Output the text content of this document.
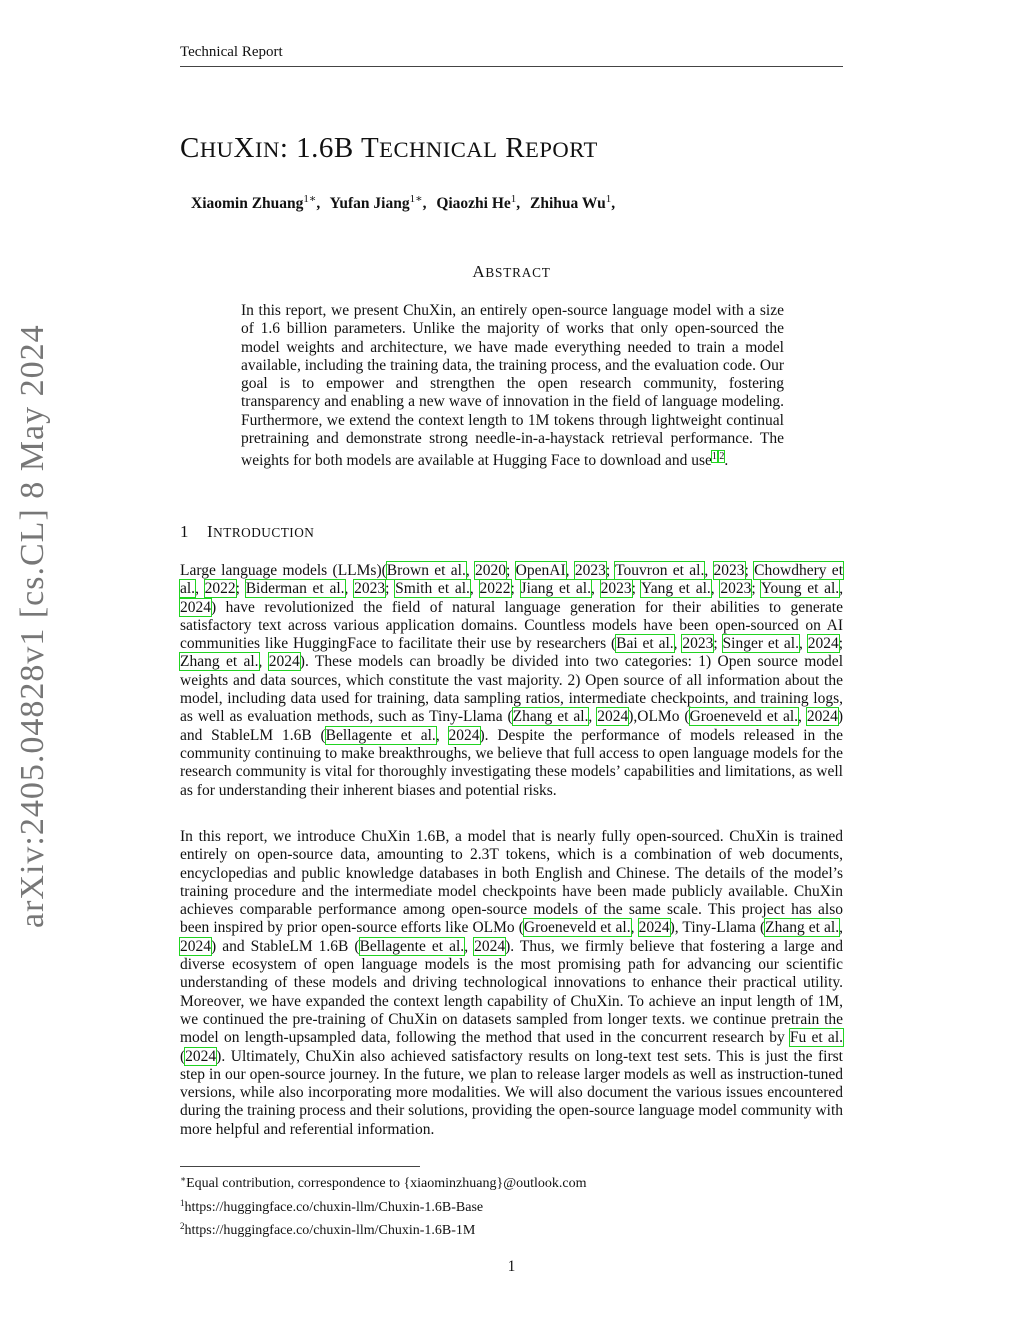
Technical Report
arXiv:2405.04828v1 [cs.CL] 8 May 2024
CHUXIN: 1.6B TECHNICAL REPORT
Xiaomin Zhuang$^{1∗}$, Yufan Jiang$^{1∗}$, Qiaozhi He$^1$, Zhihua Wu$^1$,
ABSTRACT
In this report, we present ChuXin, an entirely open-source language model with a size of 1.6 billion parameters. Unlike the majority of works that only open-sourced the model weights and architecture, we have made everything needed to train a model available, including the training data, the training process, and the evaluation code. Our goal is to empower and strengthen the open research community, fostering transparency and enabling a new wave of innovation in the field of language modeling. Furthermore, we extend the context length to 1M tokens through lightweight continual pretraining and demonstrate strong needle-in-a-haystack retrieval performance. The weights for both models are available at Hugging Face to download and use$^1$ $^2$.
1 INTRODUCTION
Large language models (LLMs)(Brown et al., 2020; OpenAI, 2023; Touvron et al., 2023; Chowdhery et al., 2022; Biderman et al., 2023; Smith et al., 2022; Jiang et al., 2023; Yang et al., 2023; Young et al., 2024) have revolutionized the field of natural language generation for their abilities to generate satisfactory text across various application domains. Countless models have been open-sourced on AI communities like HuggingFace to facilitate their use by researchers (Bai et al., 2023; Singer et al., 2024; Zhang et al., 2024). These models can broadly be divided into two categories: 1) Open source model weights and data sources, which constitute the vast majority. 2) Open source of all information about the model, including data used for training, data sampling ratios, intermediate checkpoints, and training logs, as well as evaluation methods, such as Tiny-Llama (Zhang et al., 2024),OLMo (Groeneveld et al., 2024) and StableLM 1.6B (Bellagente et al., 2024). Despite the performance of models released in the community continuing to make breakthroughs, we believe that full access to open language models for the research community is vital for thoroughly investigating these models’ capabilities and limitations, as well as for understanding their inherent biases and potential risks.
In this report, we introduce ChuXin 1.6B, a model that is nearly fully open-sourced. ChuXin is trained entirely on open-source data, amounting to 2.3T tokens, which is a combination of web documents, encyclopedias and public knowledge databases in both English and Chinese. The details of the model’s training procedure and the intermediate model checkpoints have been made publicly available. ChuXin achieves comparable performance among open-source models of the same scale. This project has also been inspired by prior open-source efforts like OLMo (Groeneveld et al., 2024), Tiny-Llama (Zhang et al., 2024) and StableLM 1.6B (Bellagente et al., 2024). Thus, we firmly believe that fostering a large and diverse ecosystem of open language models is the most promising path for advancing our scientific understanding of these models and driving technological innovations to enhance their practical utility. Moreover, we have expanded the context length capability of ChuXin. To achieve an input length of 1M, we continued the pre-training of ChuXin on datasets sampled from longer texts. we continue pretrain the model on length-upsampled data, following the method that used in the concurrent research by Fu et al. (2024). Ultimately, ChuXin also achieved satisfactory results on long-text test sets. This is just the first step in our open-source journey. In the future, we plan to release larger models as well as instruction-tuned versions, while also incorporating more modalities. We will also document the various issues encountered during the training process and their solutions, providing the open-source language model community with more helpful and referential information.
∗Equal contribution, correspondence to {xiaominzhuang}@outlook.com
$^1$https://huggingface.co/chuxin-llm/Chuxin-1.6B-Base
$^2$https://huggingface.co/chuxin-llm/Chuxin-1.6B-1M
1
